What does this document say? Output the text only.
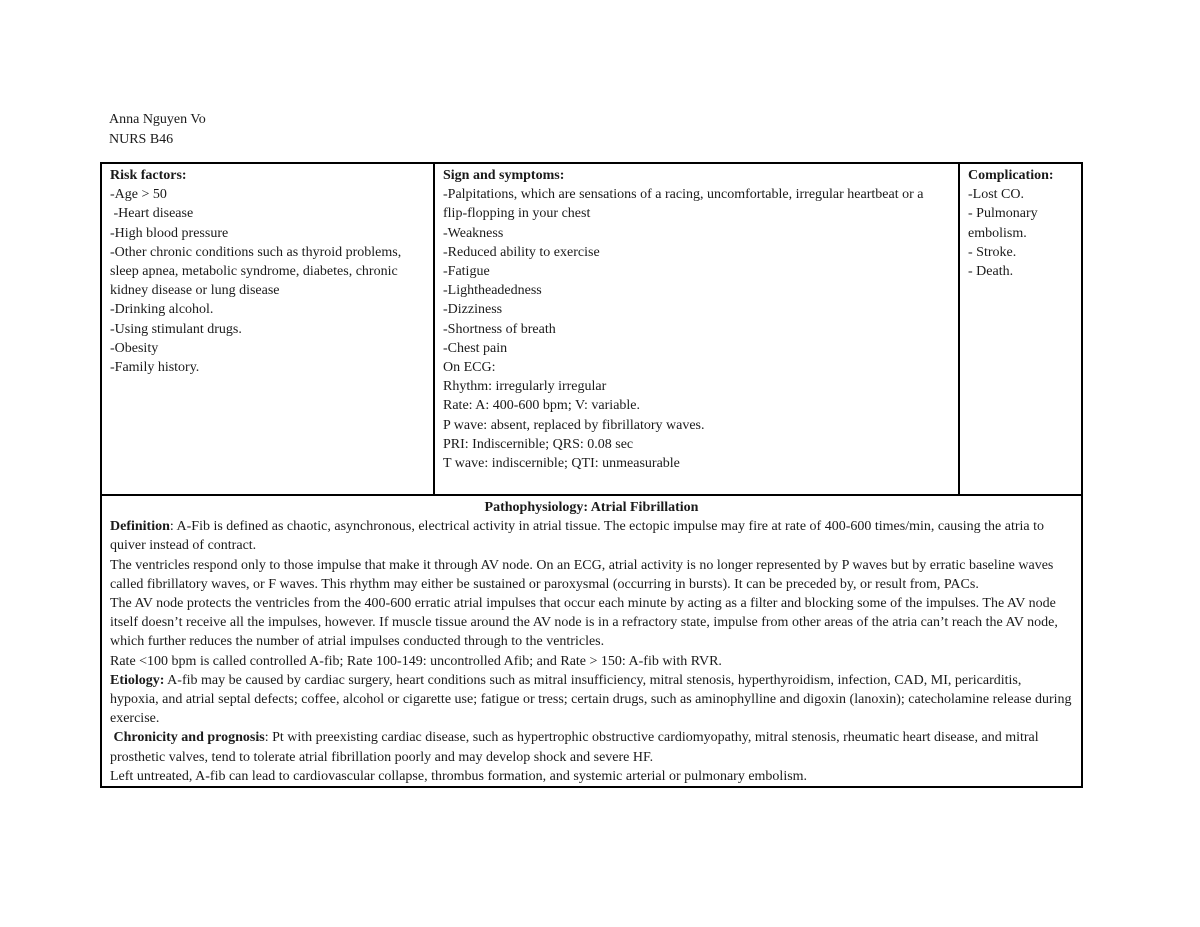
Anna Nguyen Vo
NURS B46
Risk factors:
-Age > 50
-Heart disease
-High blood pressure
-Other chronic conditions such as thyroid problems, sleep apnea, metabolic syndrome, diabetes, chronic kidney disease or lung disease
-Drinking alcohol.
-Using stimulant drugs.
-Obesity
-Family history.

Sign and symptoms:
-Palpitations, which are sensations of a racing, uncomfortable, irregular heartbeat or a flip-flopping in your chest
-Weakness
-Reduced ability to exercise
-Fatigue
-Lightheadedness
-Dizziness
-Shortness of breath
-Chest pain
On ECG:
Rhythm: irregularly irregular
Rate: A: 400-600 bpm; V: variable.
P wave: absent, replaced by fibrillatory waves.
PRI: Indiscernible; QRS: 0.08 sec
T wave: indiscernible; QTI: unmeasurable

Complication:
-Lost CO.
- Pulmonary embolism.
- Stroke.
- Death.

Pathophysiology: Atrial Fibrillation
Definition: A-Fib is defined as chaotic, asynchronous, electrical activity in atrial tissue. The ectopic impulse may fire at rate of 400-600 times/min, causing the atria to quiver instead of contract.
The ventricles respond only to those impulse that make it through AV node. On an ECG, atrial activity is no longer represented by P waves but by erratic baseline waves called fibrillatory waves, or F waves. This rhythm may either be sustained or paroxysmal (occurring in bursts). It can be preceded by, or result from, PACs.
The AV node protects the ventricles from the 400-600 erratic atrial impulses that occur each minute by acting as a filter and blocking some of the impulses. The AV node itself doesn’t receive all the impulses, however. If muscle tissue around the AV node is in a refractory state, impulse from other areas of the atria can’t reach the AV node, which further reduces the number of atrial impulses conducted through to the ventricles.
Rate <100 bpm is called controlled A-fib; Rate 100-149: uncontrolled Afib; and Rate > 150: A-fib with RVR.
Etiology: A-fib may be caused by cardiac surgery, heart conditions such as mitral insufficiency, mitral stenosis, hyperthyroidism, infection, CAD, MI, pericarditis, hypoxia, and atrial septal defects; coffee, alcohol or cigarette use; fatigue or tress; certain drugs, such as aminophylline and digoxin (lanoxin); catecholamine release during exercise.
Chronicity and prognosis: Pt with preexisting cardiac disease, such as hypertrophic obstructive cardiomyopathy, mitral stenosis, rheumatic heart disease, and mitral prosthetic valves, tend to tolerate atrial fibrillation poorly and may develop shock and severe HF.
Left untreated, A-fib can lead to cardiovascular collapse, thrombus formation, and systemic arterial or pulmonary embolism.
